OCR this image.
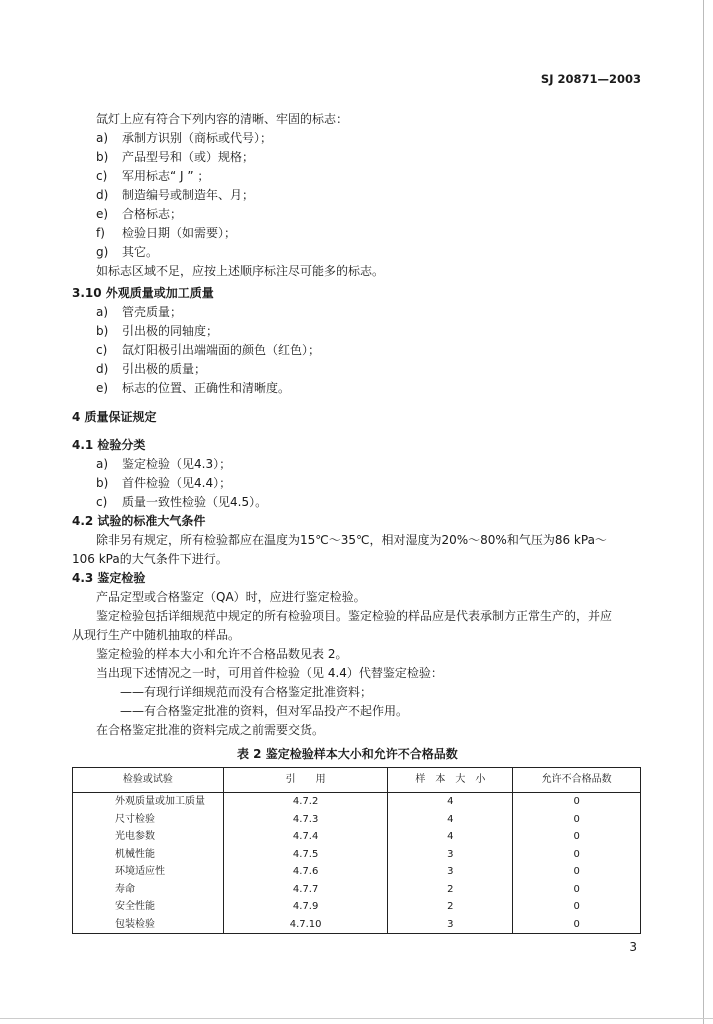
SJ 20871—2003
氙灯上应有符合下列内容的清晰、牢固的标志：
a) 承制方识别（商标或代号）；
b) 产品型号和（或）规格；
c) 军用标志“ J ” ；
d) 制造编号或制造年、月；
e) 合格标志；
f) 检验日期（如需要）；
g) 其它。
如标志区域不足，应按上述顺序标注尽可能多的标志。
3.10 外观质量或加工质量
a) 管壳质量；
b) 引出极的同轴度；
c) 氙灯阳极引出端端面的颜色（红色）；
d) 引出极的质量；
e) 标志的位置、正确性和清晰度。
4 质量保证规定
4.1 检验分类
a) 鉴定检验（见4.3）；
b) 首件检验（见4.4）；
c) 质量一致性检验（见4.5）。
4.2 试验的标准大气条件
除非另有规定，所有检验都应在温度为15℃～35℃，相对湿度为20%～80%和气压为86 kPa～
106 kPa的大气条件下进行。
4.3 鉴定检验
产品定型或合格鉴定（QA）时，应进行鉴定检验。
鉴定检验包括详细规范中规定的所有检验项目。鉴定检验的样品应是代表承制方正常生产的，并应
从现行生产中随机抽取的样品。
鉴定检验的样本大小和允许不合格品数见表 2。
当出现下述情况之一时，可用首件检验（见 4.4）代替鉴定检验：
——有现行详细规范而没有合格鉴定批准资料；
——有合格鉴定批准的资料，但对军品投产不起作用。
在合格鉴定批准的资料完成之前需要交货。
表 2 鉴定检验样本大小和允许不合格品数
检验或试验	引　　用	样　本　大　小	允许不合格品数
外观质量或加工质量	4.7.2	4	0
尺寸检验	4.7.3	4	0
光电参数	4.7.4	4	0
机械性能	4.7.5	3	0
环境适应性	4.7.6	3	0
寿命	4.7.7	2	0
安全性能	4.7.9	2	0
包装检验	4.7.10	3	0
3
